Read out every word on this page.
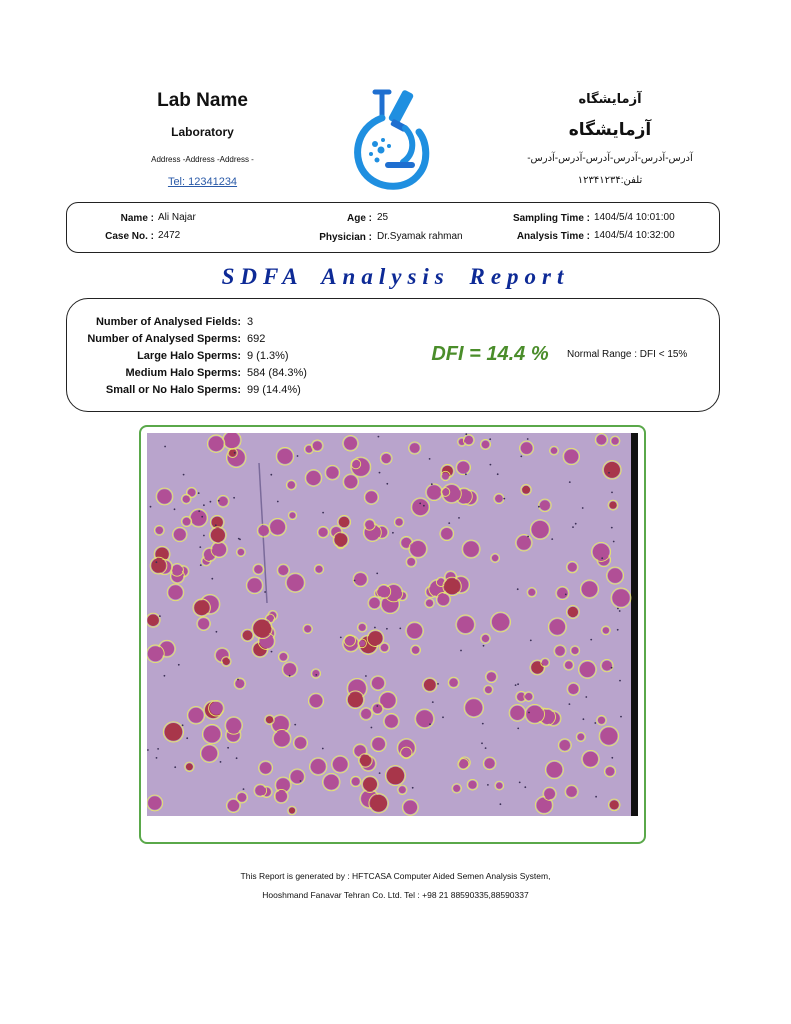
Lab Name
Laboratory
Address -Address -Address -
Tel: 12341234
آزمایشگاه
آزمایشگاه
آدرس-آدرس-آدرس-آدرس-آدرس-آدرس-
تلفن:۱۲۳۴۱۲۳۴
Name : Ali Najar
Case No. : 2472
Age : 25
Physician : Dr.Syamak rahman
Sampling Time : 1404/5/4 10:01:00
Analysis Time : 1404/5/4 10:32:00
SDFA Analysis Report
Number of Analysed Fields: 3
Number of Analysed Sperms: 692
Large Halo Sperms: 9 (1.3%)
Medium Halo Sperms: 584 (84.3%)
Small or No Halo Sperms: 99 (14.4%)
DFI = 14.4 %	Normal Range : DFI < 15%
This Report is generated by : HFTCASA Computer Aided Semen Analysis System,
Hooshmand Fanavar Tehran Co. Ltd. Tel : +98 21 88590335,88590337
